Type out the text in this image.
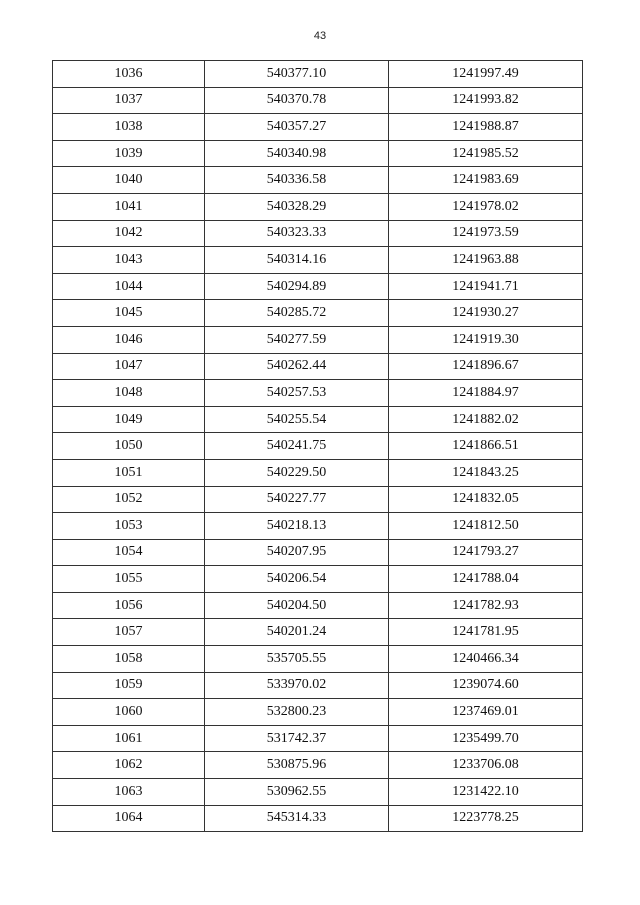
43
1036	540377.10	1241997.49
1037	540370.78	1241993.82
1038	540357.27	1241988.87
1039	540340.98	1241985.52
1040	540336.58	1241983.69
1041	540328.29	1241978.02
1042	540323.33	1241973.59
1043	540314.16	1241963.88
1044	540294.89	1241941.71
1045	540285.72	1241930.27
1046	540277.59	1241919.30
1047	540262.44	1241896.67
1048	540257.53	1241884.97
1049	540255.54	1241882.02
1050	540241.75	1241866.51
1051	540229.50	1241843.25
1052	540227.77	1241832.05
1053	540218.13	1241812.50
1054	540207.95	1241793.27
1055	540206.54	1241788.04
1056	540204.50	1241782.93
1057	540201.24	1241781.95
1058	535705.55	1240466.34
1059	533970.02	1239074.60
1060	532800.23	1237469.01
1061	531742.37	1235499.70
1062	530875.96	1233706.08
1063	530962.55	1231422.10
1064	545314.33	1223778.25
